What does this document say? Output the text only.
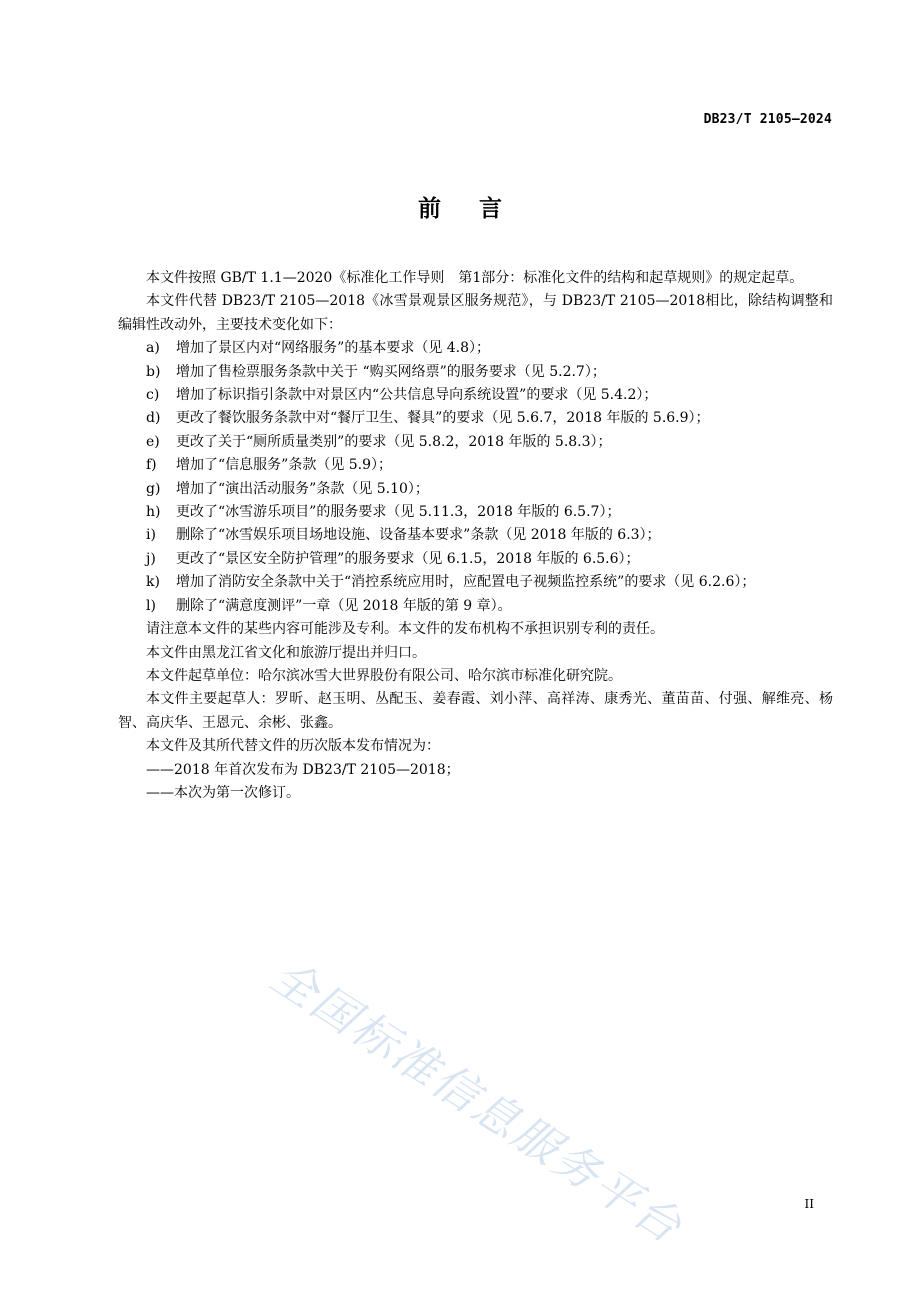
DB23/T 2105—2024
前言

本文件按照 GB/T 1.1—2020《标准化工作导则　第1部分：标准化文件的结构和起草规则》的规定起草。

本文件代替 DB23/T 2105—2018《冰雪景观景区服务规范》，与 DB23/T 2105—2018相比，除结构调整和编辑性改动外，主要技术变化如下：

a)	增加了景区内对“网络服务”的基本要求（见 4.8）；
b)	增加了售检票服务条款中关于 “购买网络票”的服务要求（见 5.2.7）；
c)	增加了标识指引条款中对景区内“公共信息导向系统设置”的要求（见 5.4.2）；
d)	更改了餐饮服务条款中对“餐厅卫生、餐具”的要求（见 5.6.7，2018 年版的 5.6.9）；
e)	更改了关于“厕所质量类别”的要求（见 5.8.2，2018 年版的 5.8.3）；
f)	增加了“信息服务”条款（见 5.9）；
g)	增加了“演出活动服务”条款（见 5.10）；
h)	更改了“冰雪游乐项目”的服务要求（见 5.11.3，2018 年版的 6.5.7）；
i)	删除了“冰雪娱乐项目场地设施、设备基本要求”条款（见 2018 年版的 6.3）；
j)	更改了“景区安全防护管理”的服务要求（见 6.1.5，2018 年版的 6.5.6）；
k)	增加了消防安全条款中关于“消控系统应用时，应配置电子视频监控系统”的要求（见 6.2.6）；
l)	删除了“满意度测评”一章（见 2018 年版的第 9 章）。

请注意本文件的某些内容可能涉及专利。本文件的发布机构不承担识别专利的责任。

本文件由黑龙江省文化和旅游厅提出并归口。

本文件起草单位：哈尔滨冰雪大世界股份有限公司、哈尔滨市标准化研究院。

本文件主要起草人：罗昕、赵玉明、丛配玉、姜春霞、刘小萍、高祥涛、康秀光、董苗苗、付强、解维亮、杨智、高庆华、王恩元、余彬、张鑫。

本文件及其所代替文件的历次版本发布情况为：

——2018 年首次发布为 DB23/T 2105—2018；

——本次为第一次修订。

全国标准信息服务平台	II
